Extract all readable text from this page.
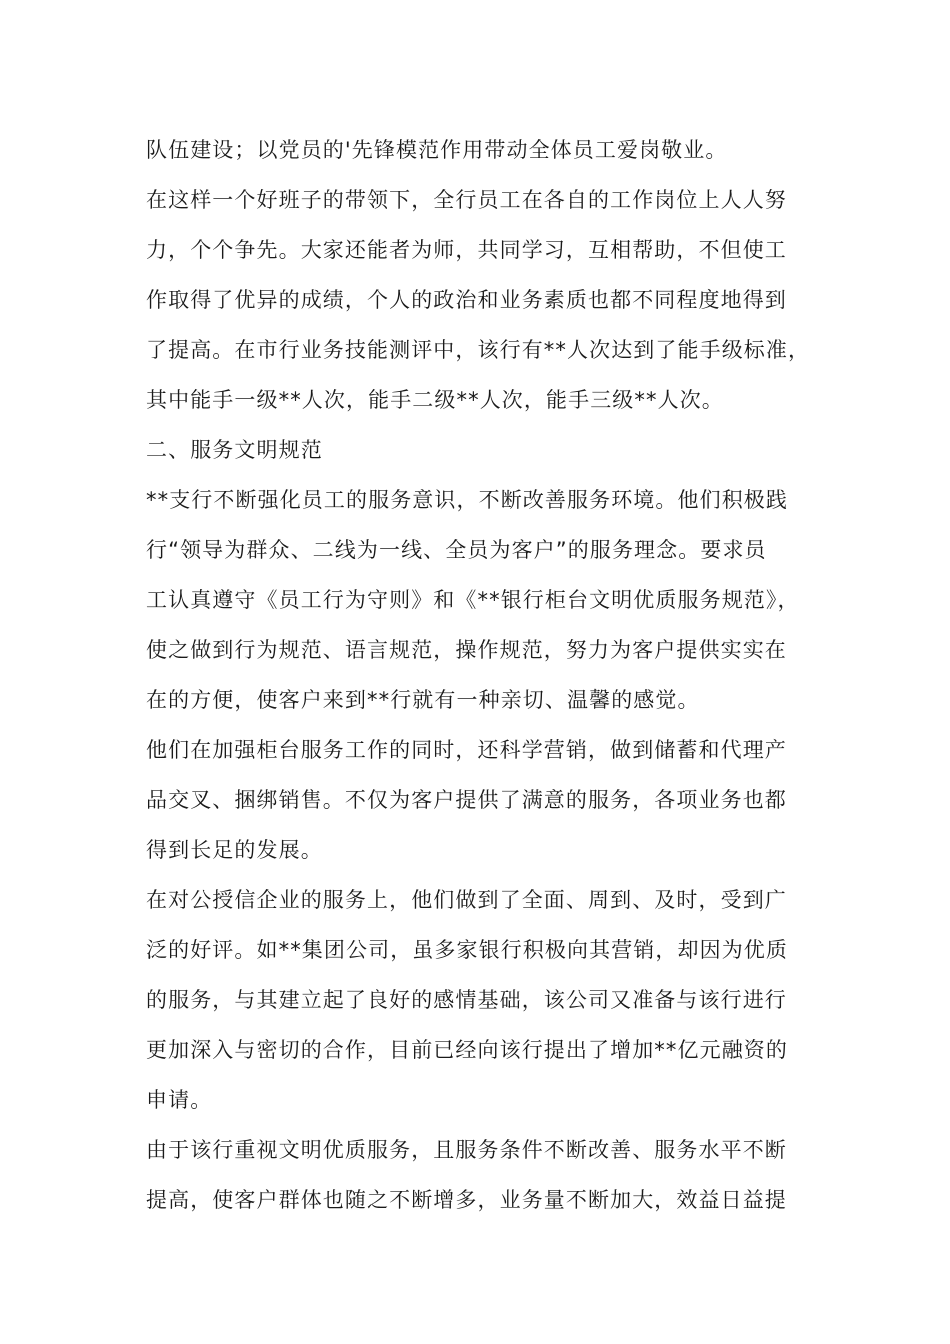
队伍建设；以党员的'先锋模范作用带动全体员工爱岗敬业。
在这样一个好班子的带领下，全行员工在各自的工作岗位上人人努
力，个个争先。大家还能者为师，共同学习，互相帮助，不但使工
作取得了优异的成绩，个人的政治和业务素质也都不同程度地得到
了提高。在市行业务技能测评中，该行有**人次达到了能手级标准，
其中能手一级**人次，能手二级**人次，能手三级**人次。
二、服务文明规范
**支行不断强化员工的服务意识，不断改善服务环境。他们积极践
行“领导为群众、二线为一线、全员为客户”的服务理念。要求员
工认真遵守《员工行为守则》和《**银行柜台文明优质服务规范》，
使之做到行为规范、语言规范，操作规范，努力为客户提供实实在
在的方便，使客户来到**行就有一种亲切、温馨的感觉。
他们在加强柜台服务工作的同时，还科学营销，做到储蓄和代理产
品交叉、捆绑销售。不仅为客户提供了满意的服务，各项业务也都
得到长足的发展。
在对公授信企业的服务上，他们做到了全面、周到、及时，受到广
泛的好评。如**集团公司，虽多家银行积极向其营销，却因为优质
的服务，与其建立起了良好的感情基础，该公司又准备与该行进行
更加深入与密切的合作，目前已经向该行提出了增加**亿元融资的
申请。
由于该行重视文明优质服务，且服务条件不断改善、服务水平不断
提高，使客户群体也随之不断增多，业务量不断加大，效益日益提
